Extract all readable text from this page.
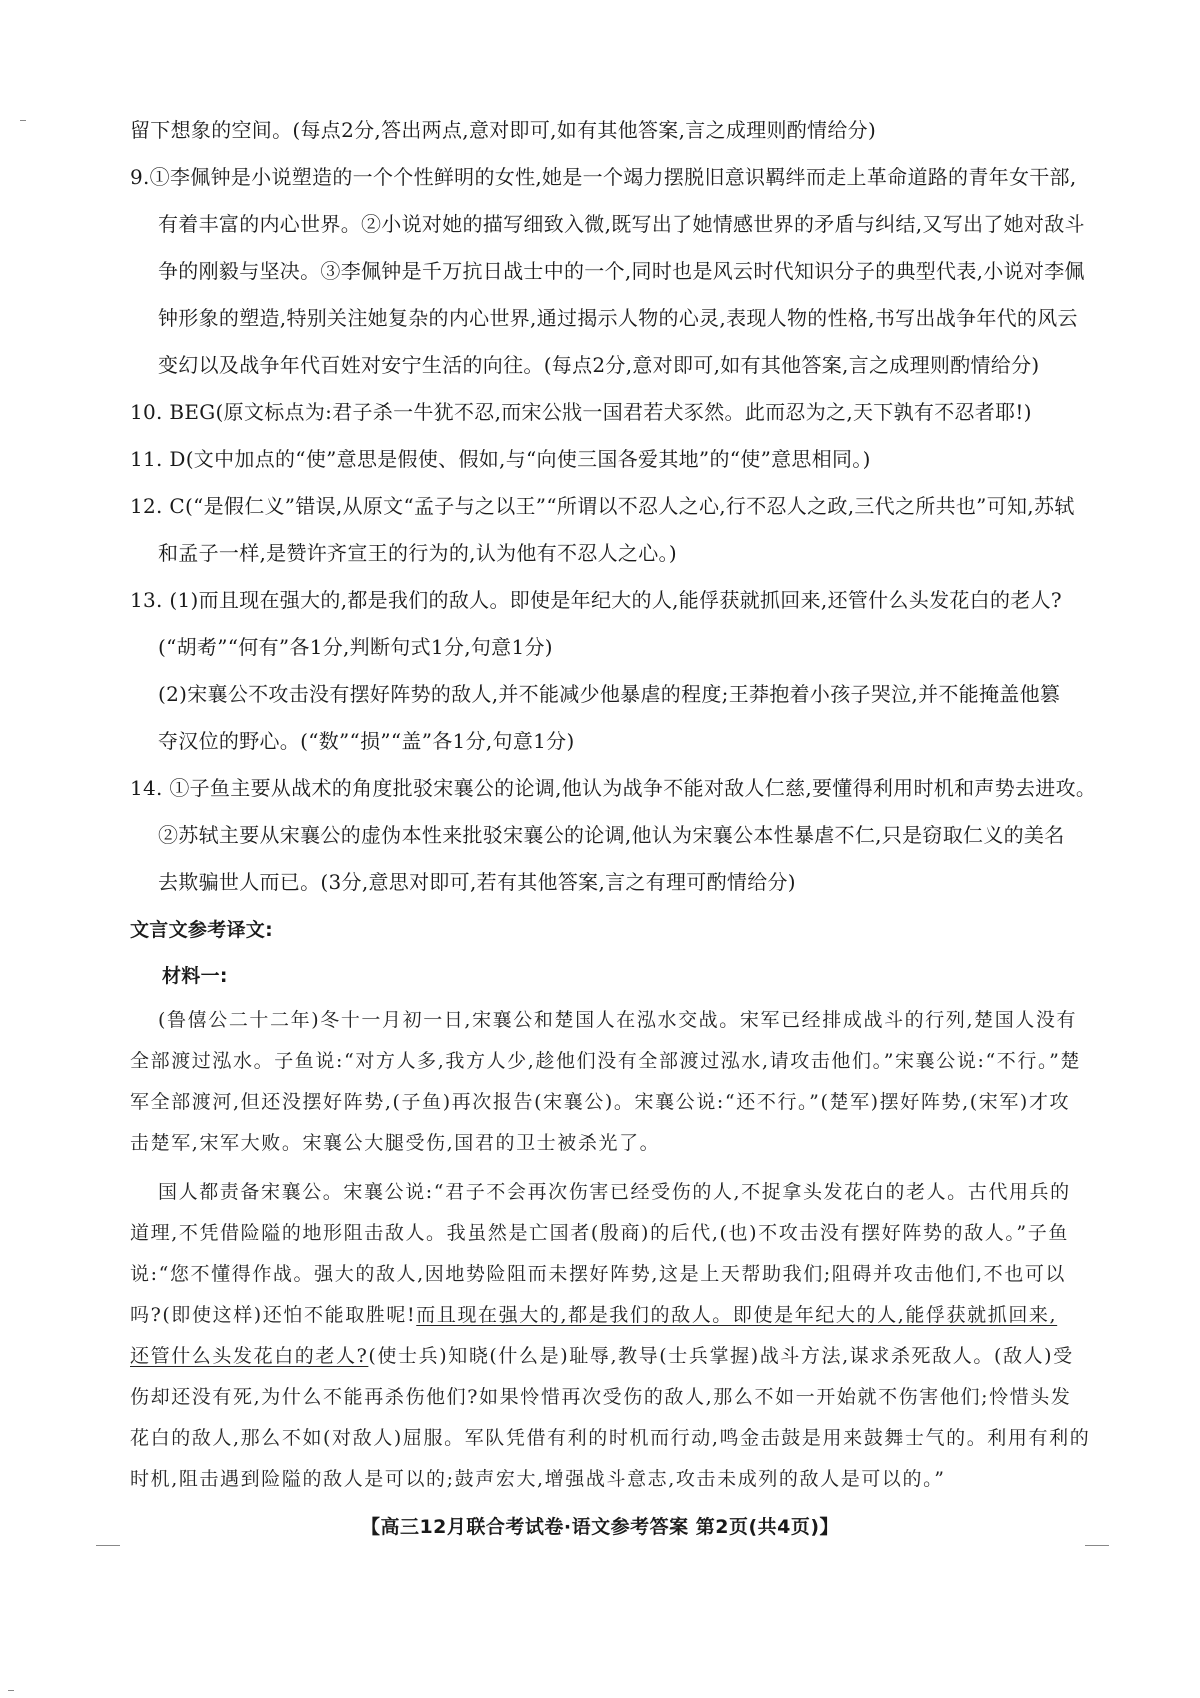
留下想象的空间。(每点2分,答出两点,意对即可,如有其他答案,言之成理则酌情给分)
9.①李佩钟是小说塑造的一个个性鲜明的女性,她是一个竭力摆脱旧意识羁绊而走上革命道路的青年女干部,
有着丰富的内心世界。②小说对她的描写细致入微,既写出了她情感世界的矛盾与纠结,又写出了她对敌斗
争的刚毅与坚决。③李佩钟是千万抗日战士中的一个,同时也是风云时代知识分子的典型代表,小说对李佩
钟形象的塑造,特别关注她复杂的内心世界,通过揭示人物的心灵,表现人物的性格,书写出战争年代的风云
变幻以及战争年代百姓对安宁生活的向往。(每点2分,意对即可,如有其他答案,言之成理则酌情给分)
10. BEG(原文标点为:君子杀一牛犹不忍,而宋公戕一国君若犬豕然。此而忍为之,天下孰有不忍者耶!)
11. D(文中加点的“使”意思是假使、假如,与“向使三国各爱其地”的“使”意思相同。)
12. C(“是假仁义”错误,从原文“孟子与之以王”“所谓以不忍人之心,行不忍人之政,三代之所共也”可知,苏轼
和孟子一样,是赞许齐宣王的行为的,认为他有不忍人之心。)
13. (1)而且现在强大的,都是我们的敌人。即使是年纪大的人,能俘获就抓回来,还管什么头发花白的老人?
(“胡耇”“何有”各1分,判断句式1分,句意1分)
(2)宋襄公不攻击没有摆好阵势的敌人,并不能减少他暴虐的程度;王莽抱着小孩子哭泣,并不能掩盖他篡
夺汉位的野心。(“数”“损”“盖”各1分,句意1分)
14. ①子鱼主要从战术的角度批驳宋襄公的论调,他认为战争不能对敌人仁慈,要懂得利用时机和声势去进攻。
②苏轼主要从宋襄公的虚伪本性来批驳宋襄公的论调,他认为宋襄公本性暴虐不仁,只是窃取仁义的美名
去欺骗世人而已。(3分,意思对即可,若有其他答案,言之有理可酌情给分)
文言文参考译文:
材料一:
(鲁僖公二十二年)冬十一月初一日,宋襄公和楚国人在泓水交战。宋军已经排成战斗的行列,楚国人没有
全部渡过泓水。子鱼说:“对方人多,我方人少,趁他们没有全部渡过泓水,请攻击他们。”宋襄公说:“不行。”楚
军全部渡河,但还没摆好阵势,(子鱼)再次报告(宋襄公)。宋襄公说:“还不行。”(楚军)摆好阵势,(宋军)才攻
击楚军,宋军大败。宋襄公大腿受伤,国君的卫士被杀光了。
国人都责备宋襄公。宋襄公说:“君子不会再次伤害已经受伤的人,不捉拿头发花白的老人。古代用兵的
道理,不凭借险隘的地形阻击敌人。我虽然是亡国者(殷商)的后代,(也)不攻击没有摆好阵势的敌人。”子鱼
说:“您不懂得作战。强大的敌人,因地势险阻而未摆好阵势,这是上天帮助我们;阻碍并攻击他们,不也可以
吗?(即使这样)还怕不能取胜呢!而且现在强大的,都是我们的敌人。即使是年纪大的人,能俘获就抓回来,
还管什么头发花白的老人?(使士兵)知晓(什么是)耻辱,教导(士兵掌握)战斗方法,谋求杀死敌人。(敌人)受
伤却还没有死,为什么不能再杀伤他们?如果怜惜再次受伤的敌人,那么不如一开始就不伤害他们;怜惜头发
【高三12月联合考试卷·语文参考答案 第2页(共4页)】
花白的敌人,那么不如(对敌人)屈服。军队凭借有利的时机而行动,鸣金击鼓是用来鼓舞士气的。利用有利的
时机,阻击遇到险隘的敌人是可以的;鼓声宏大,增强战斗意志,攻击未成列的敌人是可以的。”
